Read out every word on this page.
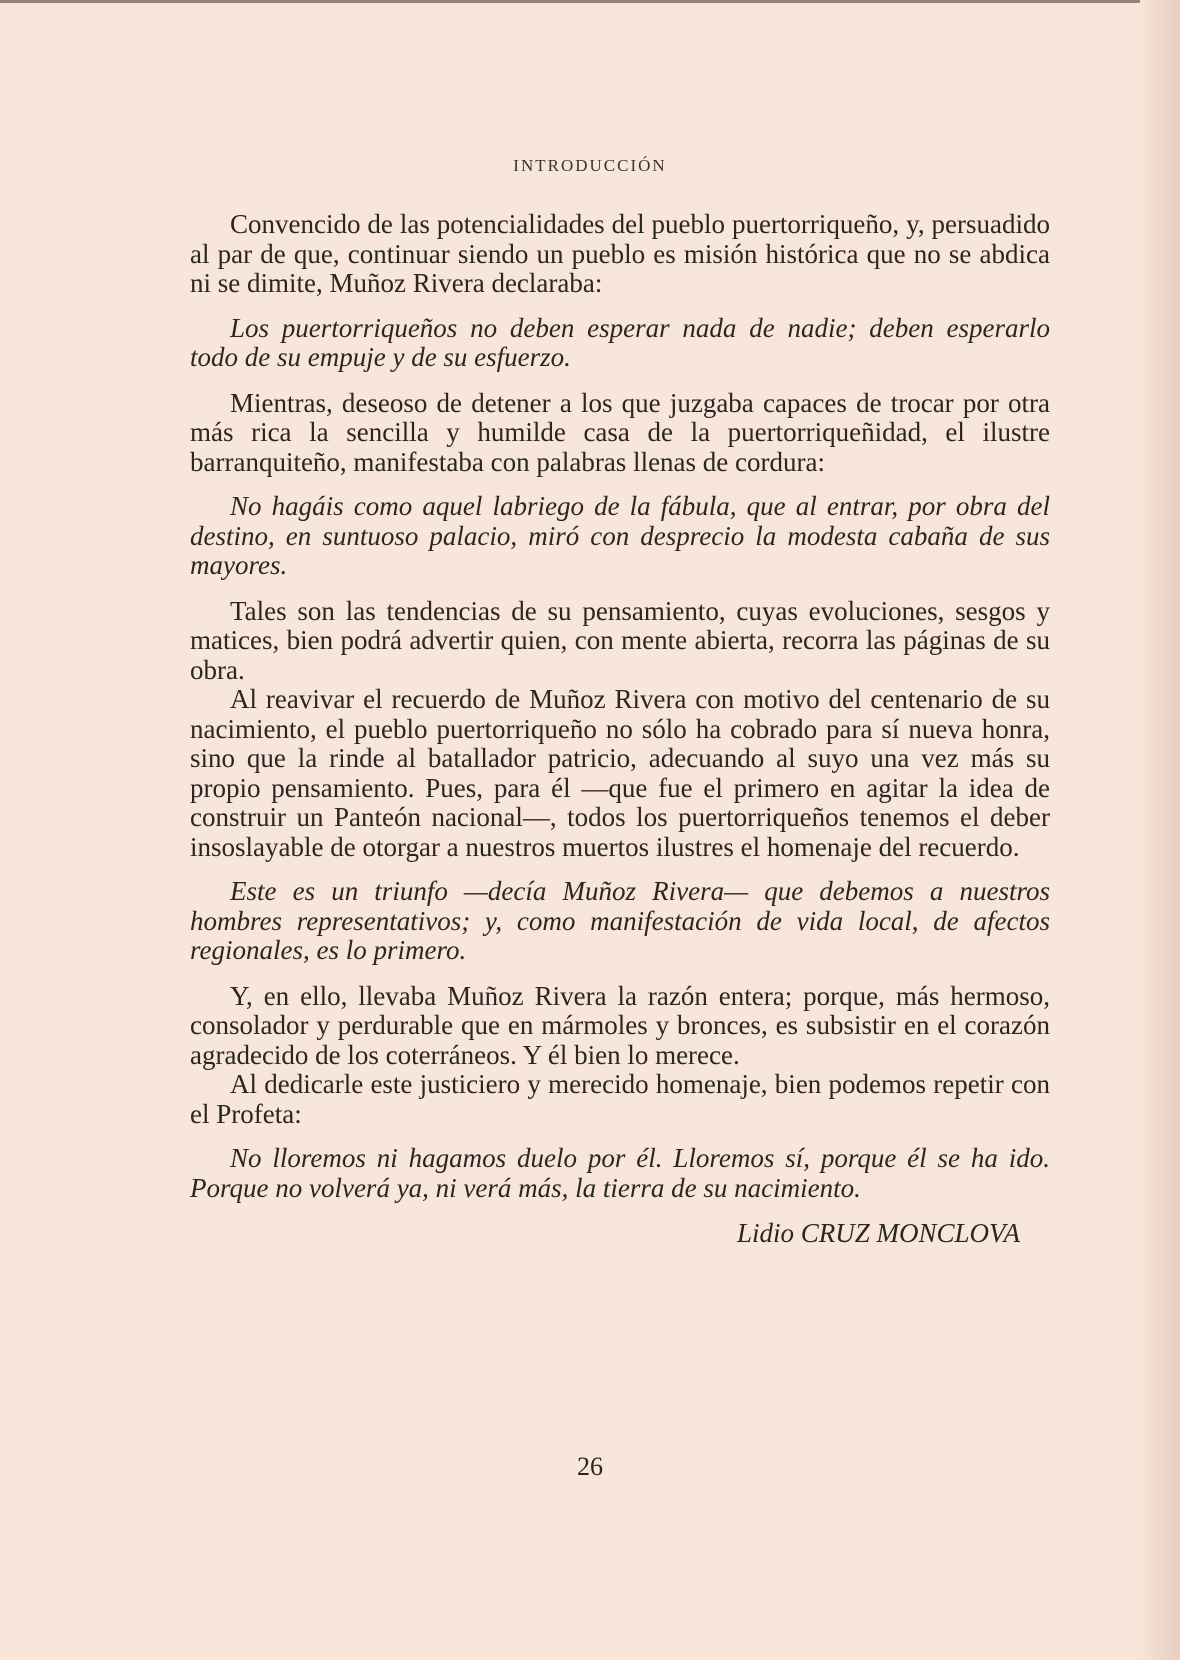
INTRODUCCIÓN

Convencido de las potencialidades del pueblo puertorriqueño, y, persuadido al par de que, continuar siendo un pueblo es misión histórica que no se abdica ni se dimite, Muñoz Rivera declaraba:

Los puertorriqueños no deben esperar nada de nadie; deben esperarlo todo de su empuje y de su esfuerzo.

Mientras, deseoso de detener a los que juzgaba capaces de trocar por otra más rica la sencilla y humilde casa de la puertorriqueñidad, el ilustre barranquiteño, manifestaba con palabras llenas de cordura:

No hagáis como aquel labriego de la fábula, que al entrar, por obra del destino, en suntuoso palacio, miró con desprecio la modesta cabaña de sus mayores.

Tales son las tendencias de su pensamiento, cuyas evoluciones, sesgos y matices, bien podrá advertir quien, con mente abierta, recorra las páginas de su obra.

Al reavivar el recuerdo de Muñoz Rivera con motivo del centenario de su nacimiento, el pueblo puertorriqueño no sólo ha cobrado para sí nueva honra, sino que la rinde al batallador patricio, adecuando al suyo una vez más su propio pensamiento. Pues, para él —que fue el primero en agitar la idea de construir un Panteón nacional—, todos los puertorriqueños tenemos el deber insoslayable de otorgar a nuestros muertos ilustres el homenaje del recuerdo.

Este es un triunfo —decía Muñoz Rivera— que debemos a nuestros hombres representativos; y, como manifestación de vida local, de afectos regionales, es lo primero.

Y, en ello, llevaba Muñoz Rivera la razón entera; porque, más hermoso, consolador y perdurable que en mármoles y bronces, es subsistir en el corazón agradecido de los coterráneos. Y él bien lo merece.

Al dedicarle este justiciero y merecido homenaje, bien podemos repetir con el Profeta:

No lloremos ni hagamos duelo por él. Lloremos sí, porque él se ha ido. Porque no volverá ya, ni verá más, la tierra de su nacimiento.

Lidio CRUZ MONCLOVA

26
